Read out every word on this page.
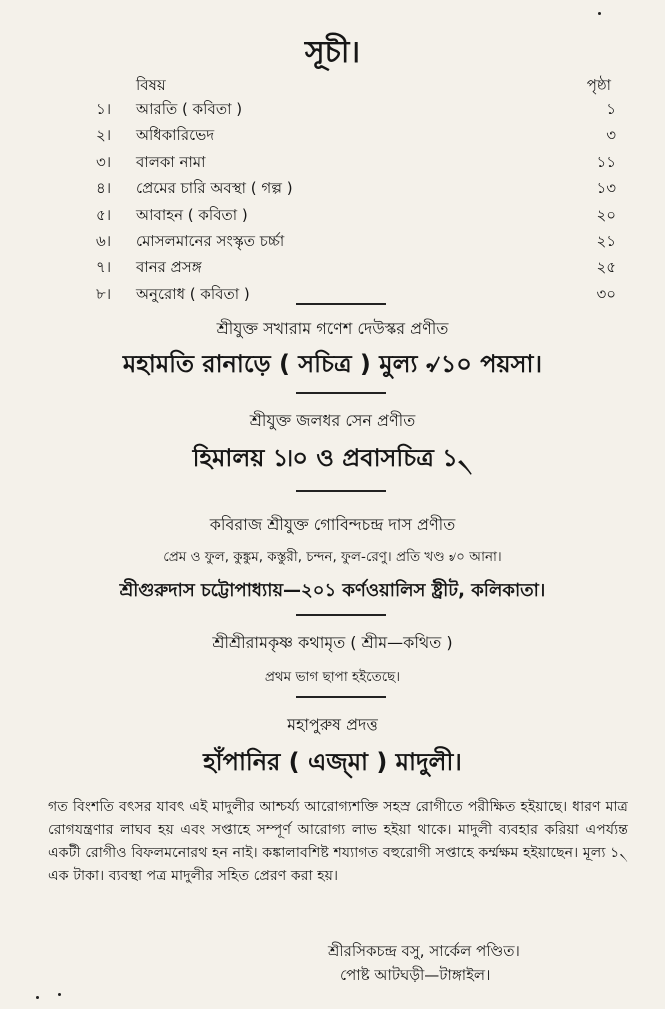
সূচী।
বিষয়	পৃষ্ঠা
১।	আরতি ( কবিতা )	১
২।	অধিকারিভেদ	৩
৩।	বালকা নামা	১১
৪।	প্রেমের চারি অবস্থা ( গল্প )	১৩
৫।	আবাহন ( কবিতা )	২০
৬।	মোসলমানের সংস্কৃত চর্চ্চা	২১
৭।	বানর প্রসঙ্গ	২৫
৮।	অনুরোধ ( কবিতা )	৩০
শ্রীযুক্ত সখারাম গণেশ দেউস্কর প্রণীত
মহামতি রানাড়ে ( সচিত্র ) মুল্য ৵১০ পয়সা।
শ্রীযুক্ত জলধর সেন প্রণীত
হিমালয় ১৷০ ও প্রবাসচিত্র ১৲
কবিরাজ শ্রীযুক্ত গোবিন্দচন্দ্র দাস প্রণীত
প্রেম ও ফুল, কুঙ্কুম, কস্তুরী, চন্দন, ফুল-রেণু। প্রতি খণ্ড ৶০ আনা।
শ্রীগুরুদাস চট্টোপাধ্যায়—২০১ কর্ণওয়ালিস ষ্ট্রীট, কলিকাতা।
শ্রীশ্রীরামকৃষ্ণ কথামৃত ( শ্রীম—কথিত )
প্রথম ভাগ ছাপা হইতেছে।
মহাপুরুষ প্রদত্ত
হাঁপানির ( এজ্মা ) মাদুলী।
গত বিংশতি বৎসর যাবৎ এই মাদুলীর আশ্চর্য্য আরোগ্যশক্তি সহস্র রোগীতে পরীক্ষিত হইয়াছে। ধারণ মাত্র রোগযন্ত্রণার লাঘব হয় এবং সপ্তাহে সম্পূর্ণ আরোগ্য লাভ হইয়া থাকে। মাদুলী ব্যবহার করিয়া এপর্য্যন্ত একটী রোগীও বিফলমনোরথ হন নাই। কঙ্কালাবশিষ্ট শয্যাগত বহুরোগী সপ্তাহে কর্ম্মক্ষম হইয়াছেন। মূল্য ১৲ এক টাকা। ব্যবস্থা পত্র মাদুলীর সহিত প্রেরণ করা হয়।
শ্রীরসিকচন্দ্র বসু, সার্কেল পণ্ডিত।
পোষ্ট আটঘড়ী—টাঙ্গাইল।
